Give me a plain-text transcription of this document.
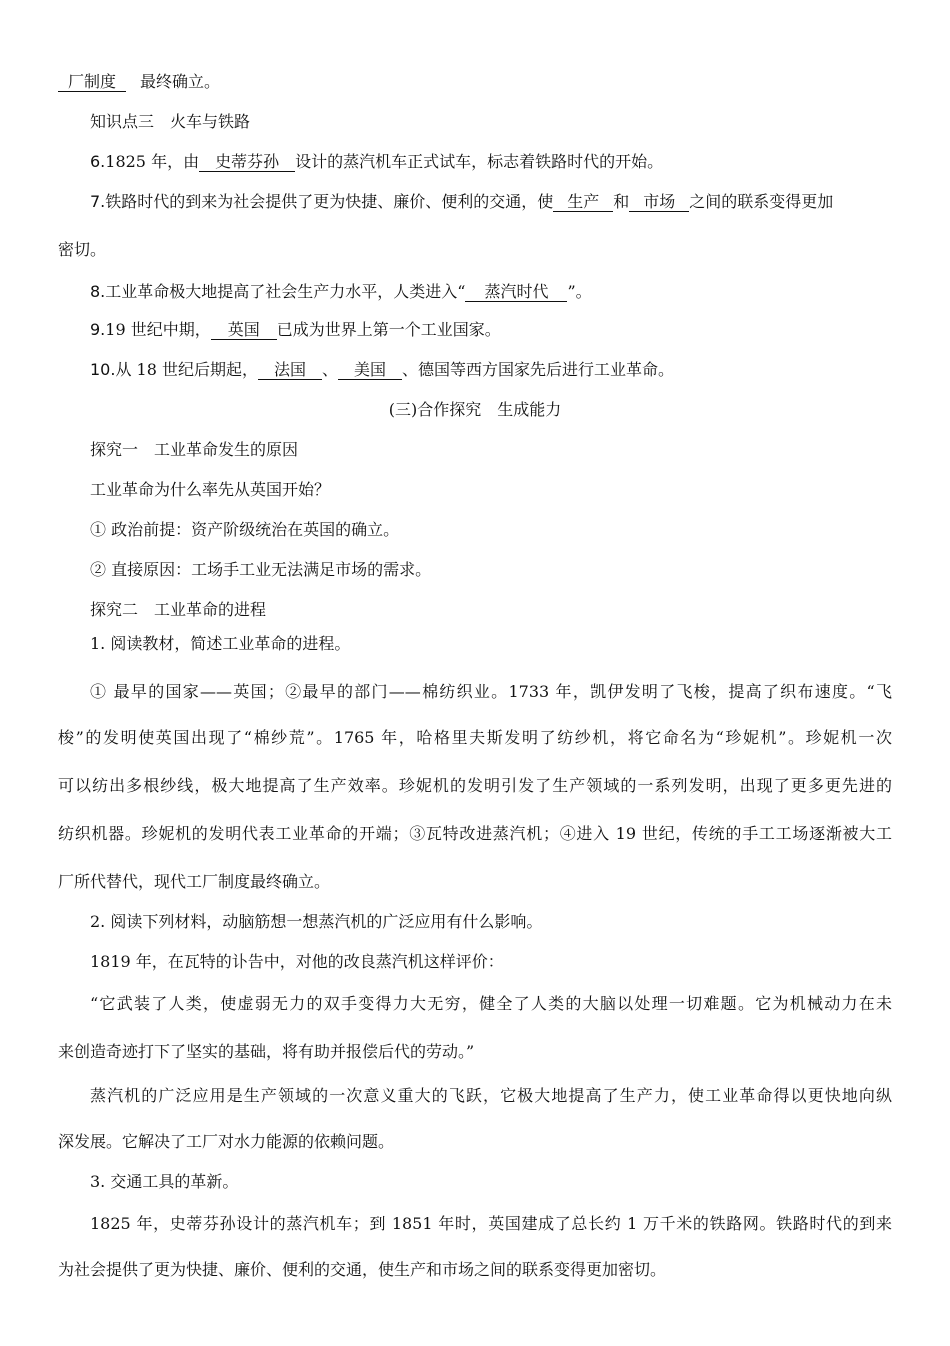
厂制度 最终确立。
知识点三　火车与铁路
6.1825 年，由 史蒂芬孙 设计的蒸汽机车正式试车，标志着铁路时代的开始。
7.铁路时代的到来为社会提供了更为快捷、廉价、便利的交通，使 生产 和 市场 之间的联系变得更加
密切。
8.工业革命极大地提高了社会生产力水平，人类进入“ 蒸汽时代 ”。
9.19 世纪中期， 英国 已成为世界上第一个工业国家。
10.从 18 世纪后期起， 法国 、 美国 、德国等西方国家先后进行工业革命。
(三)合作探究　生成能力
探究一　工业革命发生的原因
工业革命为什么率先从英国开始？
① 政治前提：资产阶级统治在英国的确立。
② 直接原因：工场手工业无法满足市场的需求。
探究二　工业革命的进程
1. 阅读教材，简述工业革命的进程。
① 最早的国家——英国；②最早的部门——棉纺织业。1733 年，凯伊发明了飞梭，提高了织布速度。“飞
梭”的发明使英国出现了“棉纱荒”。1765 年，哈格里夫斯发明了纺纱机，将它命名为“珍妮机”。珍妮机一次
可以纺出多根纱线，极大地提高了生产效率。珍妮机的发明引发了生产领域的一系列发明，出现了更多更先进的
纺织机器。珍妮机的发明代表工业革命的开端；③瓦特改进蒸汽机；④进入 19 世纪，传统的手工工场逐渐被大工
厂所代替代，现代工厂制度最终确立。
2. 阅读下列材料，动脑筋想一想蒸汽机的广泛应用有什么影响。
1819 年，在瓦特的讣告中，对他的改良蒸汽机这样评价：
“它武装了人类，使虚弱无力的双手变得力大无穷，健全了人类的大脑以处理一切难题。它为机械动力在未
来创造奇迹打下了坚实的基础，将有助并报偿后代的劳动。”
蒸汽机的广泛应用是生产领域的一次意义重大的飞跃，它极大地提高了生产力，使工业革命得以更快地向纵
深发展。它解决了工厂对水力能源的依赖问题。
3. 交通工具的革新。
1825 年，史蒂芬孙设计的蒸汽机车；到 1851 年时，英国建成了总长约 1 万千米的铁路网。铁路时代的到来
为社会提供了更为快捷、廉价、便利的交通，使生产和市场之间的联系变得更加密切。
